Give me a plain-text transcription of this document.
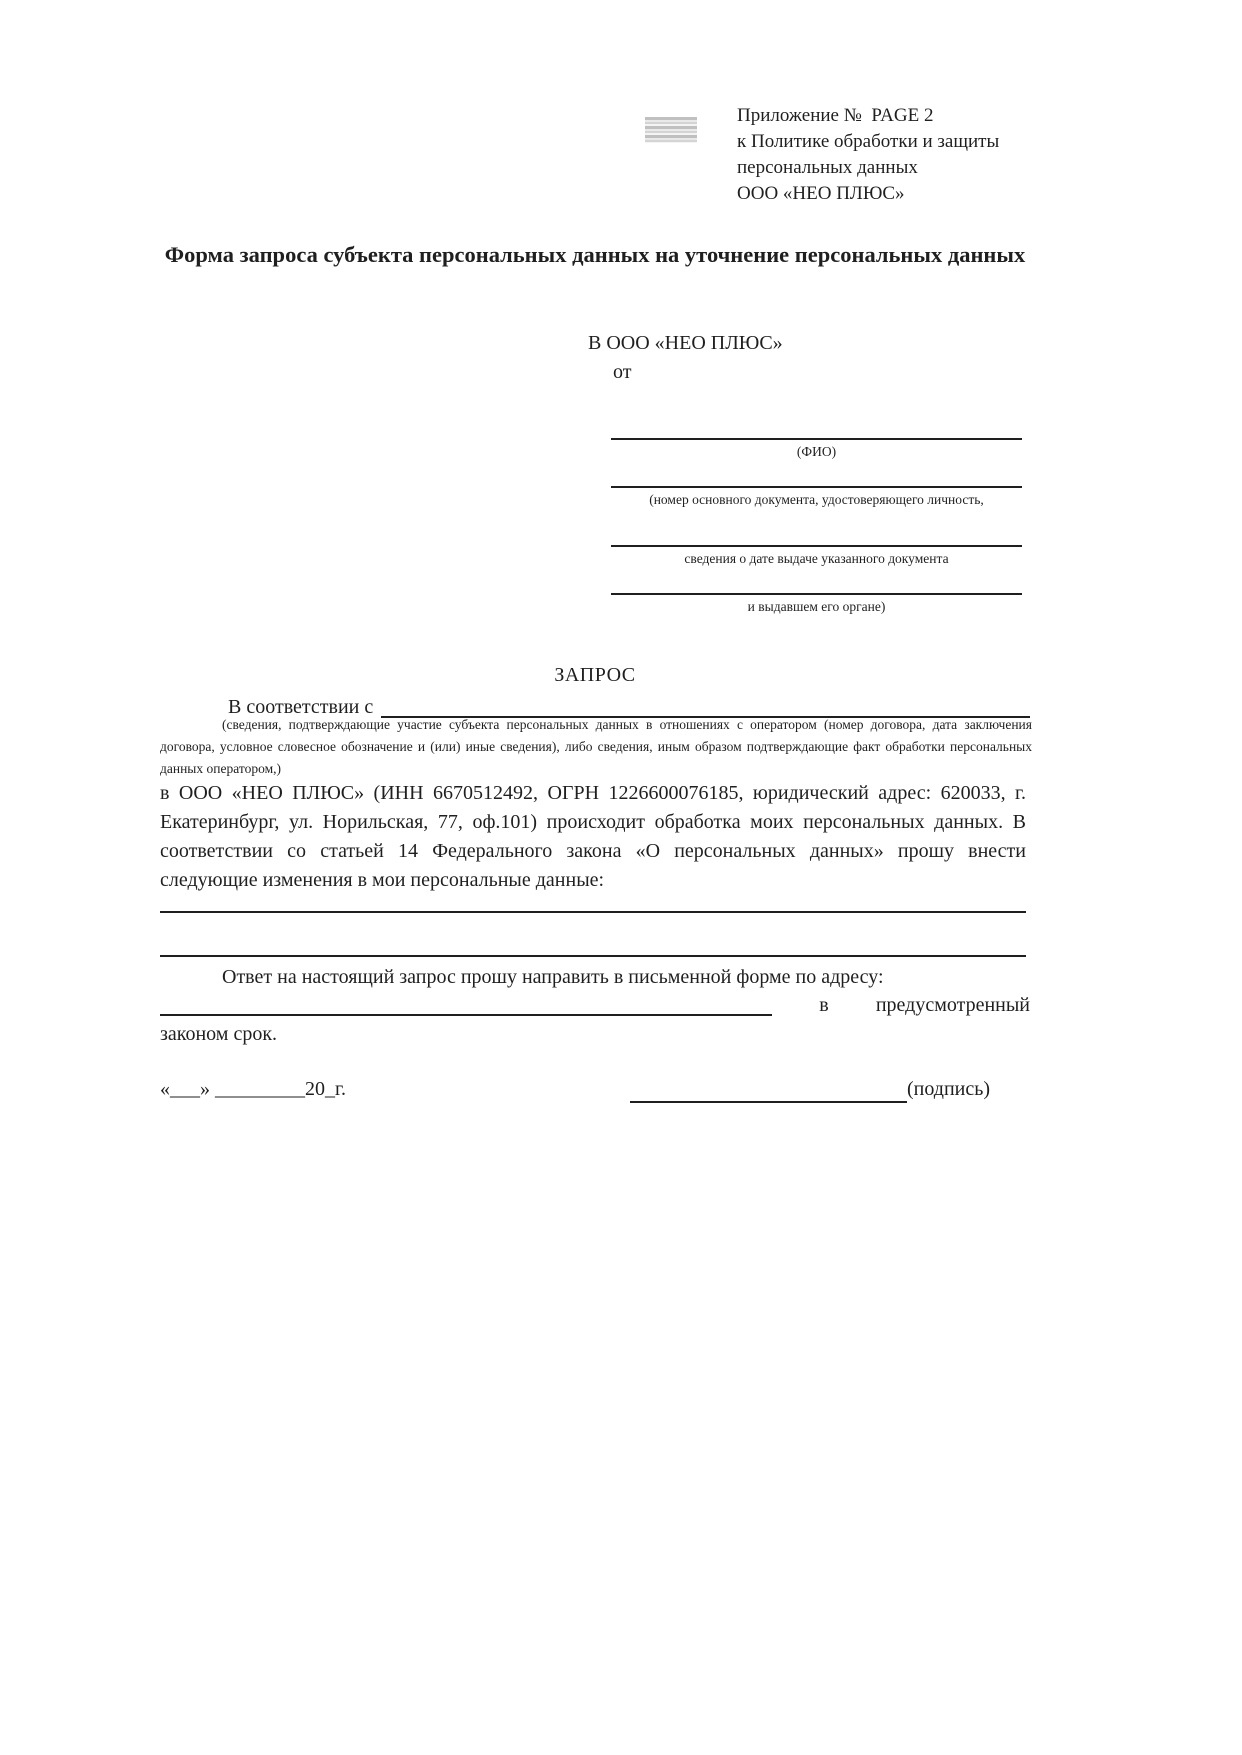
Приложение №  PAGE 2
к Политике обработки и защиты
персональных данных
ООО «НЕО ПЛЮС»
Форма запроса субъекта персональных данных на уточнение персональных данных
В ООО «НЕО ПЛЮС»
от
(ФИО)
(номер основного документа, удостоверяющего личность,
сведения о дате выдаче указанного документа
и выдавшем его органе)
ЗАПРОС
В соответствии с
(сведения, подтверждающие участие субъекта персональных данных в отношениях с оператором (номер договора, дата заключения договора, условное словесное обозначение и (или) иные сведения), либо сведения, иным образом подтверждающие факт обработки персональных данных оператором,)
в ООО «НЕО ПЛЮС» (ИНН 6670512492, ОГРН 1226600076185, юридический адрес: 620033, г. Екатеринбург, ул. Норильская, 77, оф.101) происходит обработка моих персональных данных. В соответствии со статьей 14 Федерального закона «О персональных данных» прошу внести следующие изменения в мои персональные данные:
Ответ на настоящий запрос прошу направить в письменной форме по адресу:
в предусмотренный
законом срок.
«___» _________20_г.	(подпись)
